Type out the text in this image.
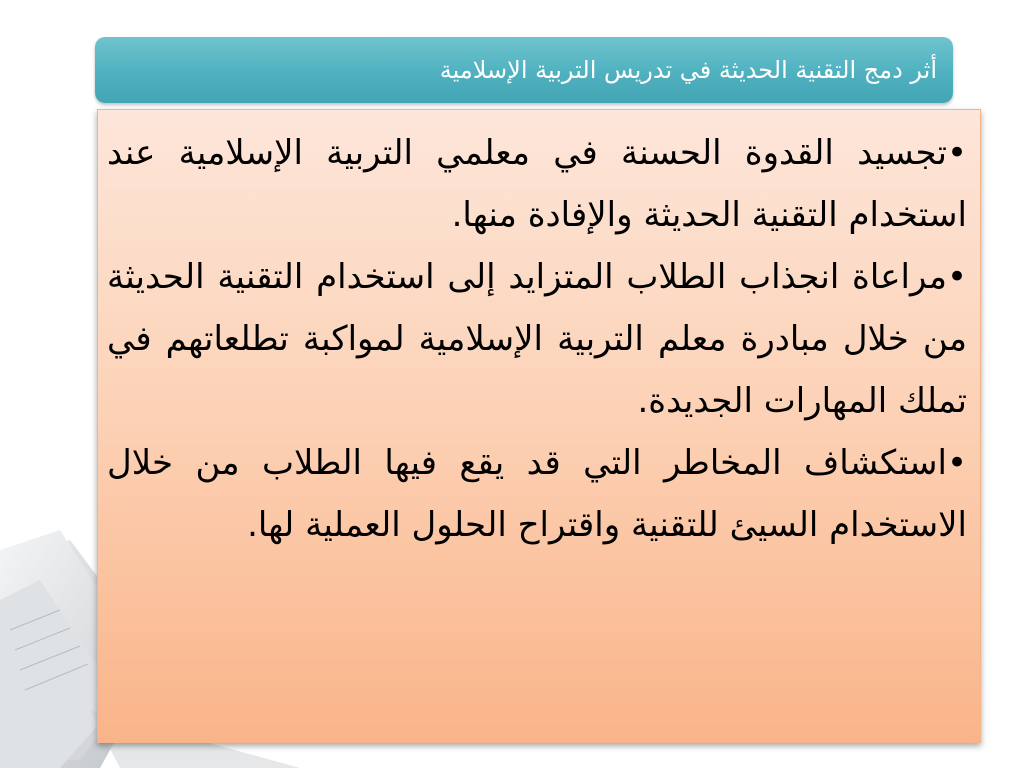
أثر دمج التقنية الحديثة في تدريس التربية الإسلامية
•تجسيد القدوة الحسنة في معلمي التربية الإسلامية عند استخدام التقنية الحديثة والإفادة منها.
•مراعاة انجذاب الطلاب المتزايد إلى استخدام التقنية الحديثة من خلال مبادرة معلم التربية الإسلامية لمواكبة تطلعاتهم في تملك المهارات الجديدة.
•استكشاف المخاطر التي قد يقع فيها الطلاب من خلال الاستخدام السيئ للتقنية واقتراح الحلول العملية لها.
